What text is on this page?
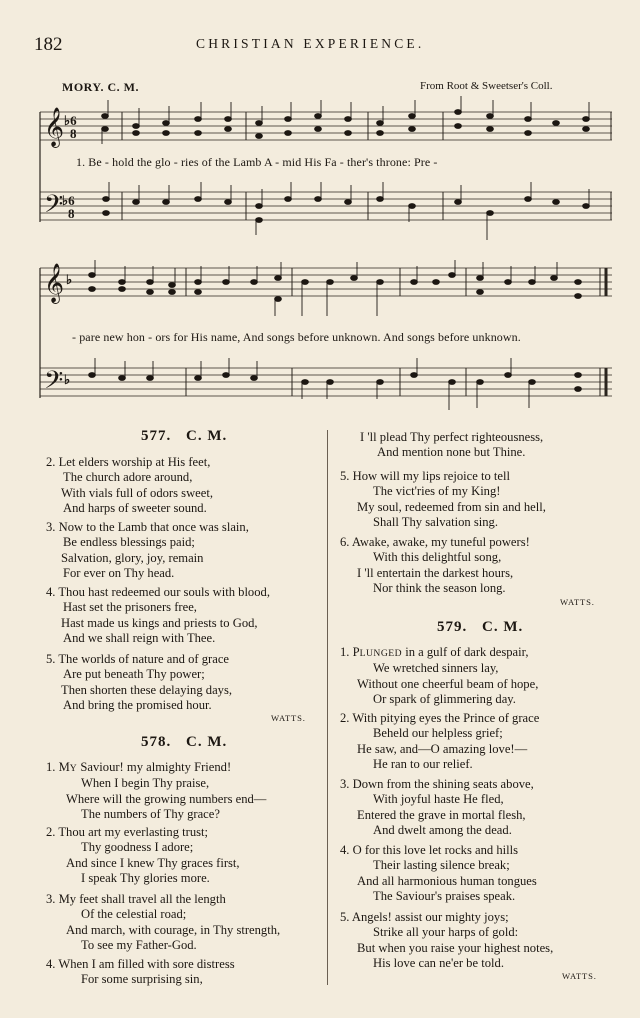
182	CHRISTIAN EXPERIENCE.
MORY. C. M.	From Root & Sweetser's Coll.
𝄞
𝄢
♭6
8
♭6
8
1. Be - hold the glo - ries of the Lamb A - mid His Fa - ther's throne: Pre -
𝄞
𝄢
♭
♭
- pare new hon - ors for His name, And songs before unknown. And songs before unknown.
577. C. M.
2. Let elders worship at His feet,
The church adore around,
With vials full of odors sweet,
And harps of sweeter sound.
3. Now to the Lamb that once was slain,
Be endless blessings paid;
Salvation, glory, joy, remain
For ever on Thy head.
4. Thou hast redeemed our souls with blood,
Hast set the prisoners free,
Hast made us kings and priests to God,
And we shall reign with Thee.
5. The worlds of nature and of grace
Are put beneath Thy power;
Then shorten these delaying days,
And bring the promised hour.
WATTS.
578. C. M.
1. MY Saviour! my almighty Friend!
When I begin Thy praise,
Where will the growing numbers end—
The numbers of Thy grace?
2. Thou art my everlasting trust;
Thy goodness I adore;
And since I knew Thy graces first,
I speak Thy glories more.
3. My feet shall travel all the length
Of the celestial road;
And march, with courage, in Thy strength,
To see my Father-God.
4. When I am filled with sore distress
For some surprising sin,
I 'll plead Thy perfect righteousness,
And mention none but Thine.
5. How will my lips rejoice to tell
The vict'ries of my King!
My soul, redeemed from sin and hell,
Shall Thy salvation sing.
6. Awake, awake, my tuneful powers!
With this delightful song,
I 'll entertain the darkest hours,
Nor think the season long.
WATTS.
579. C. M.
1. PLUNGED in a gulf of dark despair,
We wretched sinners lay,
Without one cheerful beam of hope,
Or spark of glimmering day.
2. With pitying eyes the Prince of grace
Beheld our helpless grief;
He saw, and—O amazing love!—
He ran to our relief.
3. Down from the shining seats above,
With joyful haste He fled,
Entered the grave in mortal flesh,
And dwelt among the dead.
4. O for this love let rocks and hills
Their lasting silence break;
And all harmonious human tongues
The Saviour's praises speak.
5. Angels! assist our mighty joys;
Strike all your harps of gold:
But when you raise your highest notes,
His love can ne'er be told.
WATTS.
